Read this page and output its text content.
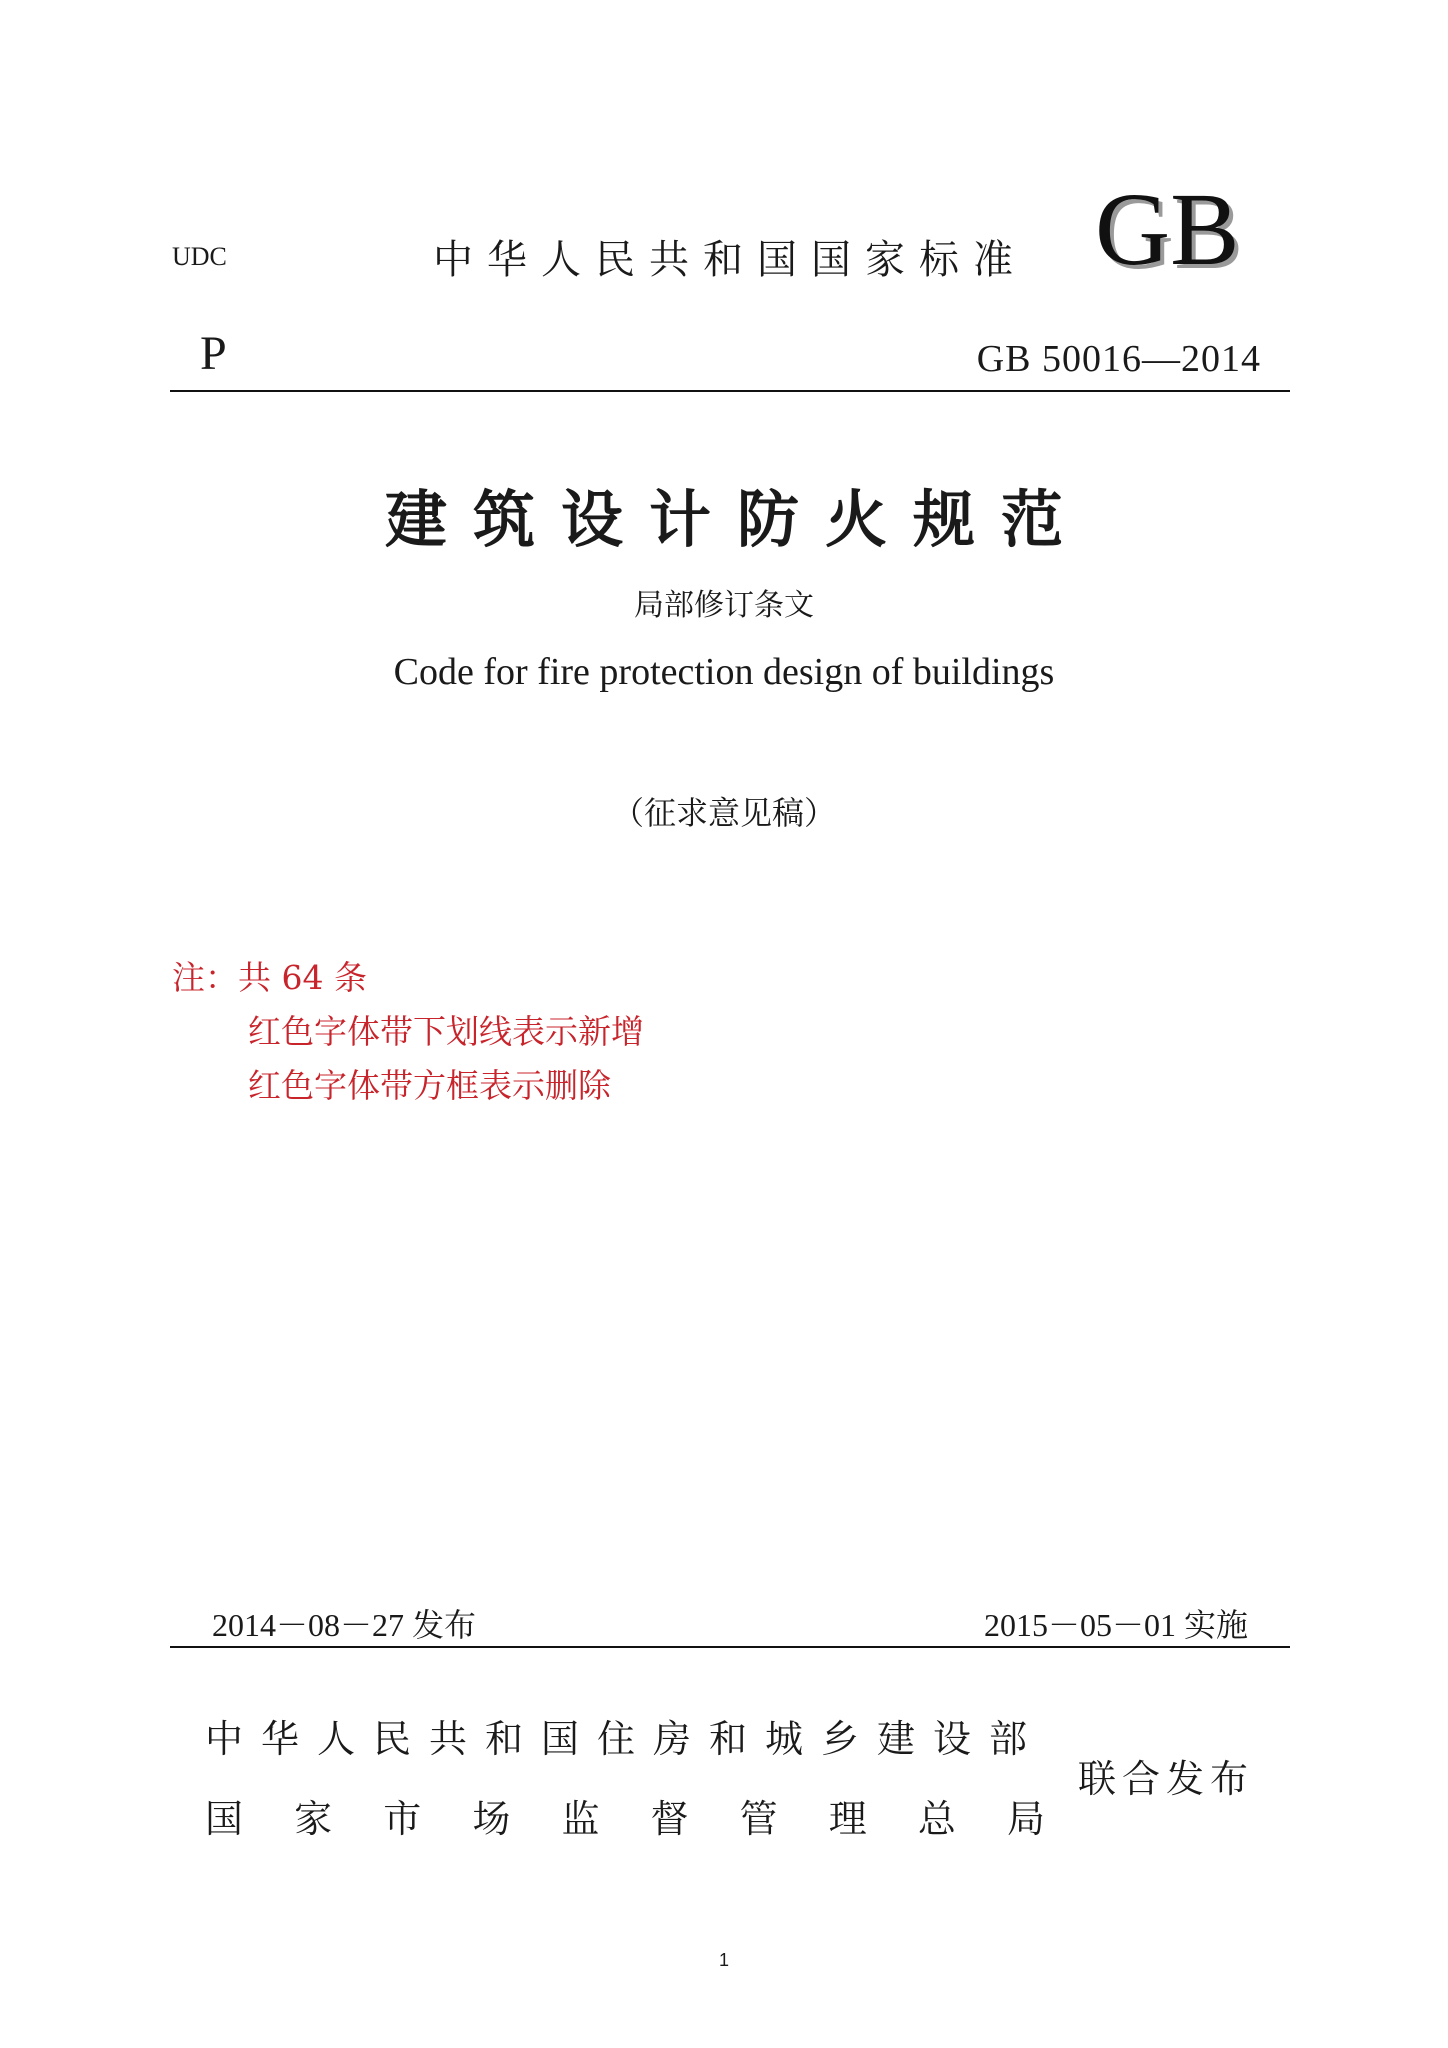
UDC	中华人民共和国国家标准 GB
P	GB 50016—2014
建筑设计防火规范
局部修订条文
Code for fire protection design of buildings
（征求意见稿）
注：共 64 条
红色字体带下划线表示新增
红色字体带方框表示删除
2014－08－27 发布	2015－05－01 实施
中华人民共和国住房和城乡建设部
国 家 市 场 监 督 管 理 总 局
联合发布
1
